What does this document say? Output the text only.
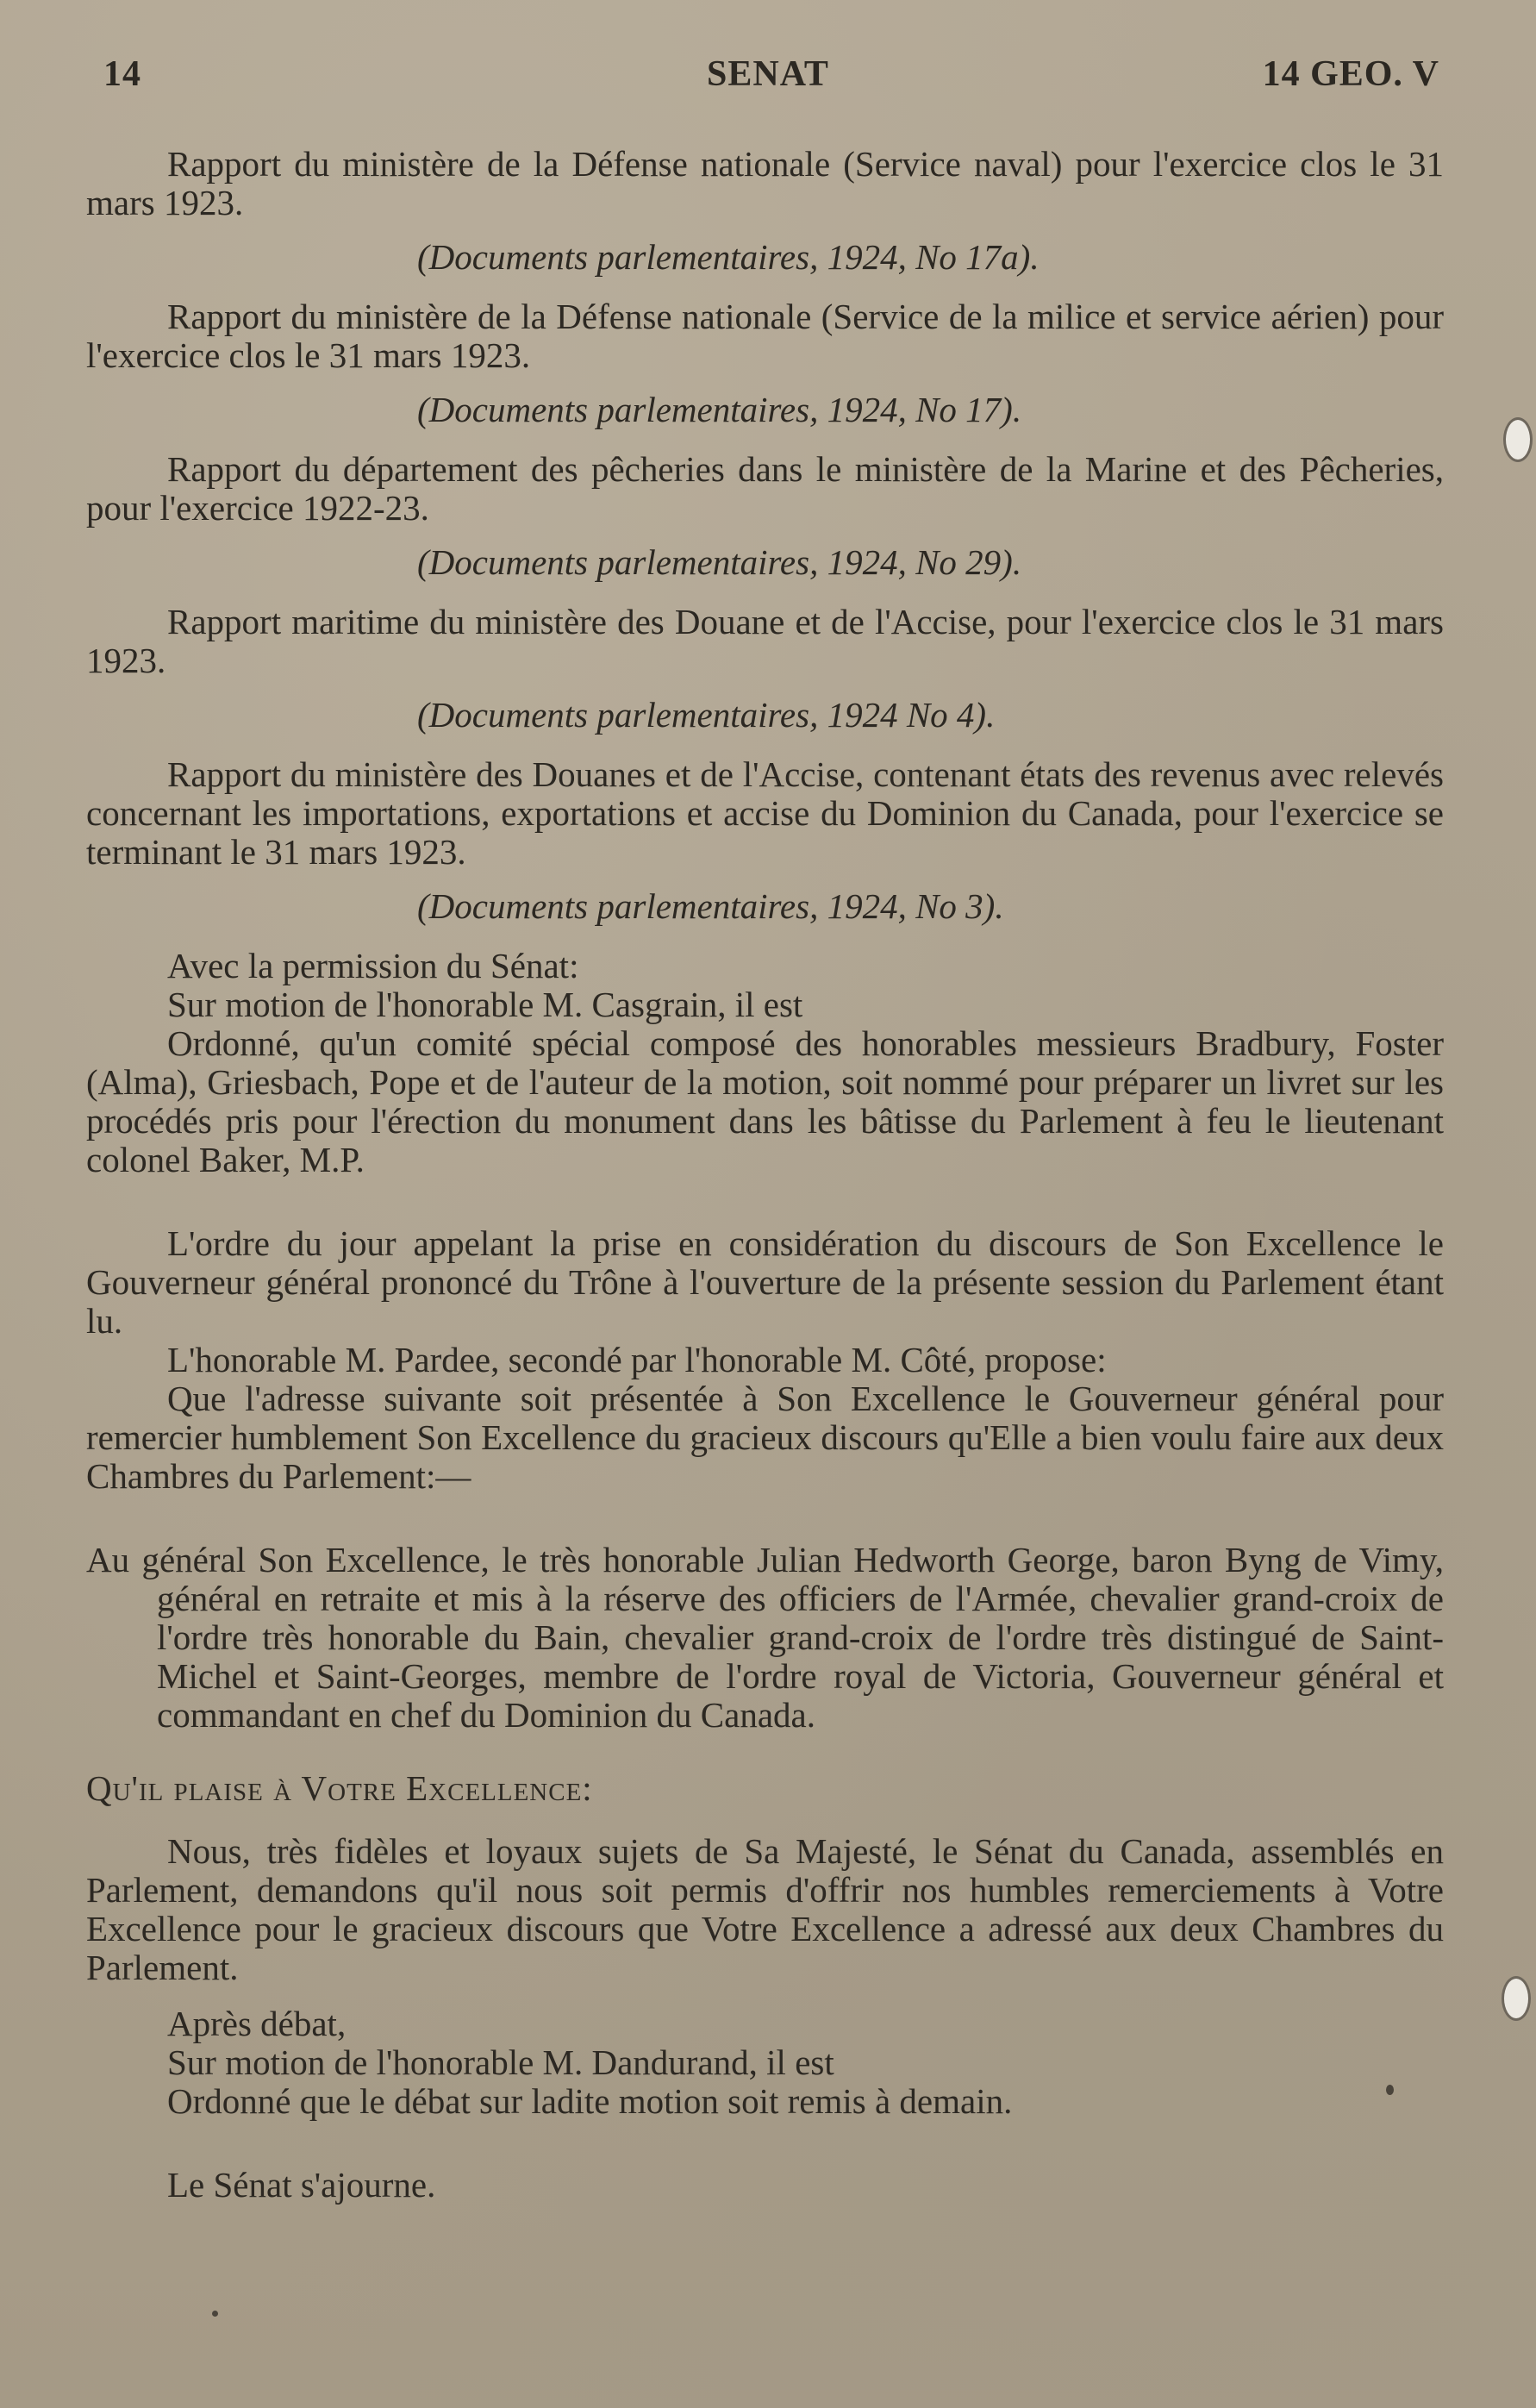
14	SENAT	14 GEO. V

Rapport du ministère de la Défense nationale (Service naval) pour l'exercice clos le 31 mars 1923.

(Documents parlementaires, 1924, No 17a).

Rapport du ministère de la Défense nationale (Service de la milice et service aérien) pour l'exercice clos le 31 mars 1923.

(Documents parlementaires, 1924, No 17).

Rapport du département des pêcheries dans le ministère de la Marine et des Pêcheries, pour l'exercice 1922-23.

(Documents parlementaires, 1924, No 29).

Rapport maritime du ministère des Douane et de l'Accise, pour l'exercice clos le 31 mars 1923.

(Documents parlementaires, 1924 No 4).

Rapport du ministère des Douanes et de l'Accise, contenant états des revenus avec relevés concernant les importations, exportations et accise du Dominion du Canada, pour l'exercice se terminant le 31 mars 1923.

(Documents parlementaires, 1924, No 3).

Avec la permission du Sénat:

Sur motion de l'honorable M. Casgrain, il est

Ordonné, qu'un comité spécial composé des honorables messieurs Bradbury, Foster (Alma), Griesbach, Pope et de l'auteur de la motion, soit nommé pour préparer un livret sur les procédés pris pour l'érection du monument dans les bâtisse du Parlement à feu le lieutenant colonel Baker, M.P.

L'ordre du jour appelant la prise en considération du discours de Son Excellence le Gouverneur général prononcé du Trône à l'ouverture de la présente session du Parlement étant lu.

L'honorable M. Pardee, secondé par l'honorable M. Côté, propose:

Que l'adresse suivante soit présentée à Son Excellence le Gouverneur général pour remercier humblement Son Excellence du gracieux discours qu'Elle a bien voulu faire aux deux Chambres du Parlement:—

Au général Son Excellence, le très honorable Julian Hedworth George, baron Byng de Vimy, général en retraite et mis à la réserve des officiers de l'Armée, chevalier grand-croix de l'ordre très honorable du Bain, chevalier grand-croix de l'ordre très distingué de Saint-Michel et Saint-Georges, membre de l'ordre royal de Victoria, Gouverneur général et commandant en chef du Dominion du Canada.

Qu'il plaise à Votre Excellence:

Nous, très fidèles et loyaux sujets de Sa Majesté, le Sénat du Canada, assemblés en Parlement, demandons qu'il nous soit permis d'offrir nos humbles remerciements à Votre Excellence pour le gracieux discours que Votre Excellence a adressé aux deux Chambres du Parlement.

Après débat,

Sur motion de l'honorable M. Dandurand, il est

Ordonné que le débat sur ladite motion soit remis à demain.

Le Sénat s'ajourne.
